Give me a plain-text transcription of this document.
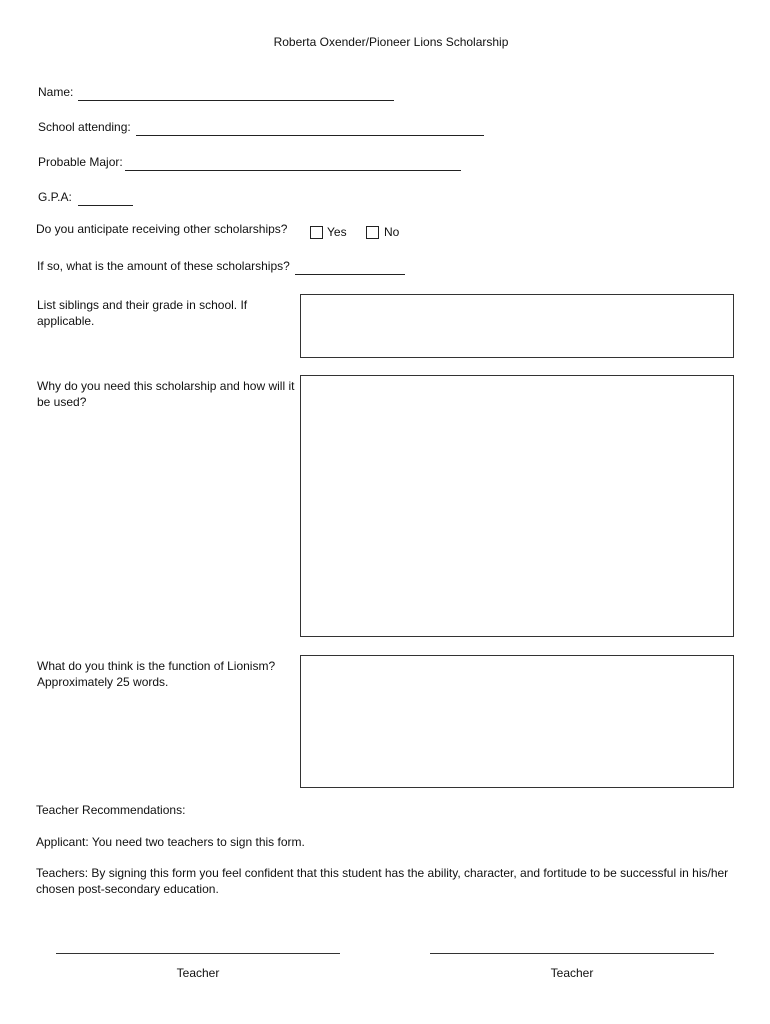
Roberta Oxender/Pioneer Lions Scholarship
Name:
School attending:
Probable Major:
G.P.A:
Do you anticipate receiving other scholarships?	Yes	No
If so, what is the amount of these scholarships?
List siblings and their grade in school. If applicable.
Why do you need this scholarship and how will it be used?
What do you think is the function of Lionism?
Approximately 25 words.
Teacher Recommendations:
Applicant: You need two teachers to sign this form.
Teachers: By signing this form you feel confident that this student has the ability, character, and fortitude to be successful in his/her chosen post-secondary education.
Teacher	Teacher
